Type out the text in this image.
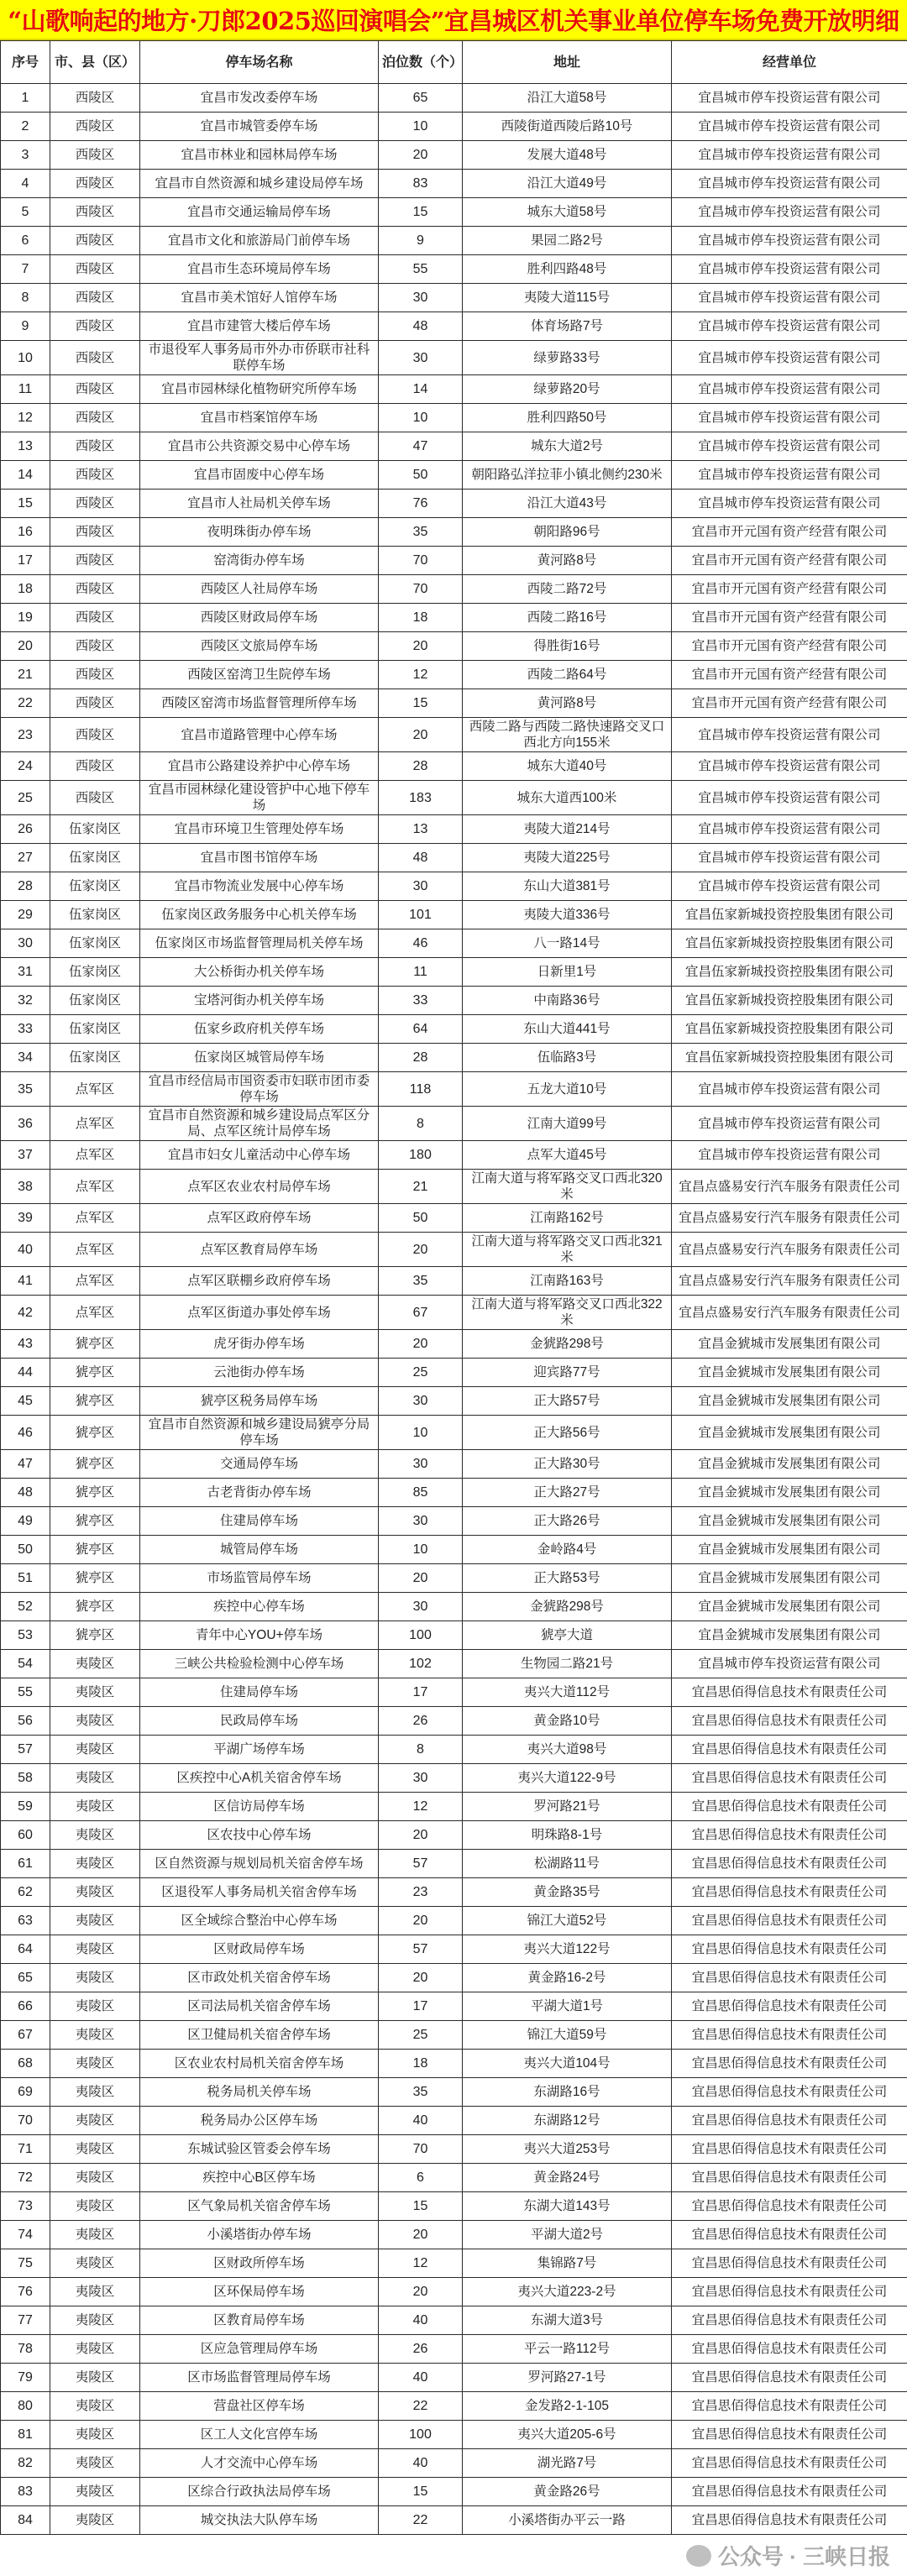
“山歌响起的地方·刀郎2025巡回演唱会”宜昌城区机关事业单位停车场免费开放明细
序号	市、县（区）	停车场名称	泊位数（个）	地址	经营单位
1	西陵区	宜昌市发改委停车场	65	沿江大道58号	宜昌城市停车投资运营有限公司
2	西陵区	宜昌市城管委停车场	10	西陵街道西陵后路10号	宜昌城市停车投资运营有限公司
3	西陵区	宜昌市林业和园林局停车场	20	发展大道48号	宜昌城市停车投资运营有限公司
4	西陵区	宜昌市自然资源和城乡建设局停车场	83	沿江大道49号	宜昌城市停车投资运营有限公司
5	西陵区	宜昌市交通运输局停车场	15	城东大道58号	宜昌城市停车投资运营有限公司
6	西陵区	宜昌市文化和旅游局门前停车场	9	果园二路2号	宜昌城市停车投资运营有限公司
7	西陵区	宜昌市生态环境局停车场	55	胜利四路48号	宜昌城市停车投资运营有限公司
8	西陵区	宜昌市美术馆好人馆停车场	30	夷陵大道115号	宜昌城市停车投资运营有限公司
9	西陵区	宜昌市建管大楼后停车场	48	体育场路7号	宜昌城市停车投资运营有限公司
10	西陵区	市退役军人事务局市外办市侨联市社科联停车场	30	绿萝路33号	宜昌城市停车投资运营有限公司
11	西陵区	宜昌市园林绿化植物研究所停车场	14	绿萝路20号	宜昌城市停车投资运营有限公司
12	西陵区	宜昌市档案馆停车场	10	胜利四路50号	宜昌城市停车投资运营有限公司
13	西陵区	宜昌市公共资源交易中心停车场	47	城东大道2号	宜昌城市停车投资运营有限公司
14	西陵区	宜昌市固废中心停车场	50	朝阳路弘洋拉菲小镇北侧约230米	宜昌城市停车投资运营有限公司
15	西陵区	宜昌市人社局机关停车场	76	沿江大道43号	宜昌城市停车投资运营有限公司
16	西陵区	夜明珠街办停车场	35	朝阳路96号	宜昌市开元国有资产经营有限公司
17	西陵区	窑湾街办停车场	70	黄河路8号	宜昌市开元国有资产经营有限公司
18	西陵区	西陵区人社局停车场	70	西陵二路72号	宜昌市开元国有资产经营有限公司
19	西陵区	西陵区财政局停车场	18	西陵二路16号	宜昌市开元国有资产经营有限公司
20	西陵区	西陵区文旅局停车场	20	得胜街16号	宜昌市开元国有资产经营有限公司
21	西陵区	西陵区窑湾卫生院停车场	12	西陵二路64号	宜昌市开元国有资产经营有限公司
22	西陵区	西陵区窑湾市场监督管理所停车场	15	黄河路8号	宜昌市开元国有资产经营有限公司
23	西陵区	宜昌市道路管理中心停车场	20	西陵二路与西陵二路快速路交叉口西北方向155米	宜昌城市停车投资运营有限公司
24	西陵区	宜昌市公路建设养护中心停车场	28	城东大道40号	宜昌城市停车投资运营有限公司
25	西陵区	宜昌市园林绿化建设管护中心地下停车场	183	城东大道西100米	宜昌城市停车投资运营有限公司
26	伍家岗区	宜昌市环境卫生管理处停车场	13	夷陵大道214号	宜昌城市停车投资运营有限公司
27	伍家岗区	宜昌市图书馆停车场	48	夷陵大道225号	宜昌城市停车投资运营有限公司
28	伍家岗区	宜昌市物流业发展中心停车场	30	东山大道381号	宜昌城市停车投资运营有限公司
29	伍家岗区	伍家岗区政务服务中心机关停车场	101	夷陵大道336号	宜昌伍家新城投资控股集团有限公司
30	伍家岗区	伍家岗区市场监督管理局机关停车场	46	八一路14号	宜昌伍家新城投资控股集团有限公司
31	伍家岗区	大公桥街办机关停车场	11	日新里1号	宜昌伍家新城投资控股集团有限公司
32	伍家岗区	宝塔河街办机关停车场	33	中南路36号	宜昌伍家新城投资控股集团有限公司
33	伍家岗区	伍家乡政府机关停车场	64	东山大道441号	宜昌伍家新城投资控股集团有限公司
34	伍家岗区	伍家岗区城管局停车场	28	伍临路3号	宜昌伍家新城投资控股集团有限公司
35	点军区	宜昌市经信局市国资委市妇联市团市委停车场	118	五龙大道10号	宜昌城市停车投资运营有限公司
36	点军区	宜昌市自然资源和城乡建设局点军区分局、点军区统计局停车场	8	江南大道99号	宜昌城市停车投资运营有限公司
37	点军区	宜昌市妇女儿童活动中心停车场	180	点军大道45号	宜昌城市停车投资运营有限公司
38	点军区	点军区农业农村局停车场	21	江南大道与将军路交叉口西北320米	宜昌点盛易安行汽车服务有限责任公司
39	点军区	点军区政府停车场	50	江南路162号	宜昌点盛易安行汽车服务有限责任公司
40	点军区	点军区教育局停车场	20	江南大道与将军路交叉口西北321米	宜昌点盛易安行汽车服务有限责任公司
41	点军区	点军区联棚乡政府停车场	35	江南路163号	宜昌点盛易安行汽车服务有限责任公司
42	点军区	点军区街道办事处停车场	67	江南大道与将军路交叉口西北322米	宜昌点盛易安行汽车服务有限责任公司
43	猇亭区	虎牙街办停车场	20	金猇路298号	宜昌金猇城市发展集团有限公司
44	猇亭区	云池街办停车场	25	迎宾路77号	宜昌金猇城市发展集团有限公司
45	猇亭区	猇亭区税务局停车场	30	正大路57号	宜昌金猇城市发展集团有限公司
46	猇亭区	宜昌市自然资源和城乡建设局猇亭分局停车场	10	正大路56号	宜昌金猇城市发展集团有限公司
47	猇亭区	交通局停车场	30	正大路30号	宜昌金猇城市发展集团有限公司
48	猇亭区	古老背街办停车场	85	正大路27号	宜昌金猇城市发展集团有限公司
49	猇亭区	住建局停车场	30	正大路26号	宜昌金猇城市发展集团有限公司
50	猇亭区	城管局停车场	10	金岭路4号	宜昌金猇城市发展集团有限公司
51	猇亭区	市场监管局停车场	20	正大路53号	宜昌金猇城市发展集团有限公司
52	猇亭区	疾控中心停车场	30	金猇路298号	宜昌金猇城市发展集团有限公司
53	猇亭区	青年中心YOU+停车场	100	猇亭大道	宜昌金猇城市发展集团有限公司
54	夷陵区	三峡公共检验检测中心停车场	102	生物园二路21号	宜昌城市停车投资运营有限公司
55	夷陵区	住建局停车场	17	夷兴大道112号	宜昌思佰得信息技术有限责任公司
56	夷陵区	民政局停车场	26	黄金路10号	宜昌思佰得信息技术有限责任公司
57	夷陵区	平湖广场停车场	8	夷兴大道98号	宜昌思佰得信息技术有限责任公司
58	夷陵区	区疾控中心A机关宿舍停车场	30	夷兴大道122-9号	宜昌思佰得信息技术有限责任公司
59	夷陵区	区信访局停车场	12	罗河路21号	宜昌思佰得信息技术有限责任公司
60	夷陵区	区农技中心停车场	20	明珠路8-1号	宜昌思佰得信息技术有限责任公司
61	夷陵区	区自然资源与规划局机关宿舍停车场	57	松湖路11号	宜昌思佰得信息技术有限责任公司
62	夷陵区	区退役军人事务局机关宿舍停车场	23	黄金路35号	宜昌思佰得信息技术有限责任公司
63	夷陵区	区全域综合整治中心停车场	20	锦江大道52号	宜昌思佰得信息技术有限责任公司
64	夷陵区	区财政局停车场	57	夷兴大道122号	宜昌思佰得信息技术有限责任公司
65	夷陵区	区市政处机关宿舍停车场	20	黄金路16-2号	宜昌思佰得信息技术有限责任公司
66	夷陵区	区司法局机关宿舍停车场	17	平湖大道1号	宜昌思佰得信息技术有限责任公司
67	夷陵区	区卫健局机关宿舍停车场	25	锦江大道59号	宜昌思佰得信息技术有限责任公司
68	夷陵区	区农业农村局机关宿舍停车场	18	夷兴大道104号	宜昌思佰得信息技术有限责任公司
69	夷陵区	税务局机关停车场	35	东湖路16号	宜昌思佰得信息技术有限责任公司
70	夷陵区	税务局办公区停车场	40	东湖路12号	宜昌思佰得信息技术有限责任公司
71	夷陵区	东城试验区管委会停车场	70	夷兴大道253号	宜昌思佰得信息技术有限责任公司
72	夷陵区	疾控中心B区停车场	6	黄金路24号	宜昌思佰得信息技术有限责任公司
73	夷陵区	区气象局机关宿舍停车场	15	东湖大道143号	宜昌思佰得信息技术有限责任公司
74	夷陵区	小溪塔街办停车场	20	平湖大道2号	宜昌思佰得信息技术有限责任公司
75	夷陵区	区财政所停车场	12	集锦路7号	宜昌思佰得信息技术有限责任公司
76	夷陵区	区环保局停车场	20	夷兴大道223-2号	宜昌思佰得信息技术有限责任公司
77	夷陵区	区教育局停车场	40	东湖大道3号	宜昌思佰得信息技术有限责任公司
78	夷陵区	区应急管理局停车场	26	平云一路112号	宜昌思佰得信息技术有限责任公司
79	夷陵区	区市场监督管理局停车场	40	罗河路27-1号	宜昌思佰得信息技术有限责任公司
80	夷陵区	营盘社区停车场	22	金发路2-1-105	宜昌思佰得信息技术有限责任公司
81	夷陵区	区工人文化宫停车场	100	夷兴大道205-6号	宜昌思佰得信息技术有限责任公司
82	夷陵区	人才交流中心停车场	40	湖光路7号	宜昌思佰得信息技术有限责任公司
83	夷陵区	区综合行政执法局停车场	15	黄金路26号	宜昌思佰得信息技术有限责任公司
84	夷陵区	城交执法大队停车场	22	小溪塔街办平云一路	宜昌思佰得信息技术有限责任公司
公众号 · 三峡日报
